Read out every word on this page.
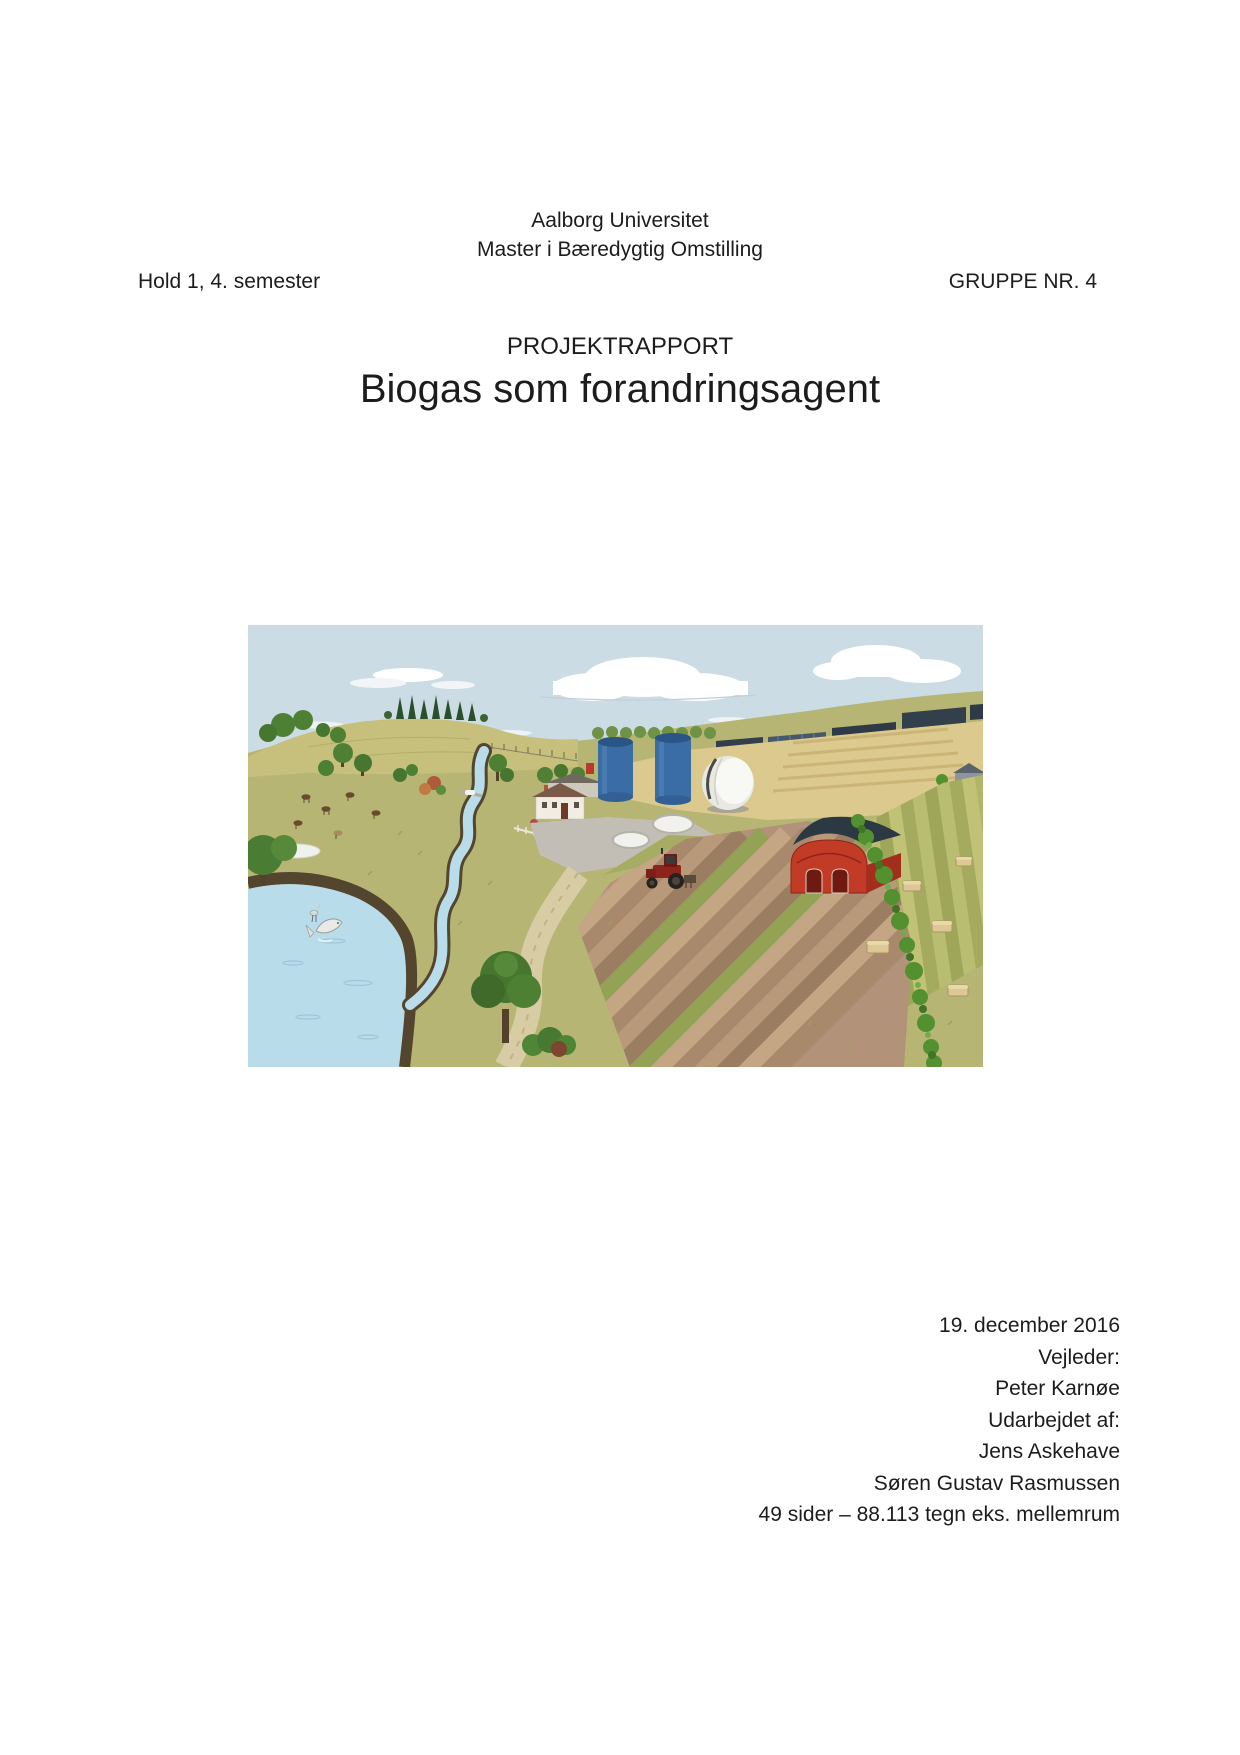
Aalborg Universitet
Master i Bæredygtig Omstilling
Hold 1, 4. semester	GRUPPE NR. 4
PROJEKTRAPPORT
Biogas som forandringsagent
19. december 2016
Vejleder:
Peter Karnøe
Udarbejdet af:
Jens Askehave
Søren Gustav Rasmussen
49 sider – 88.113 tegn eks. mellemrum
